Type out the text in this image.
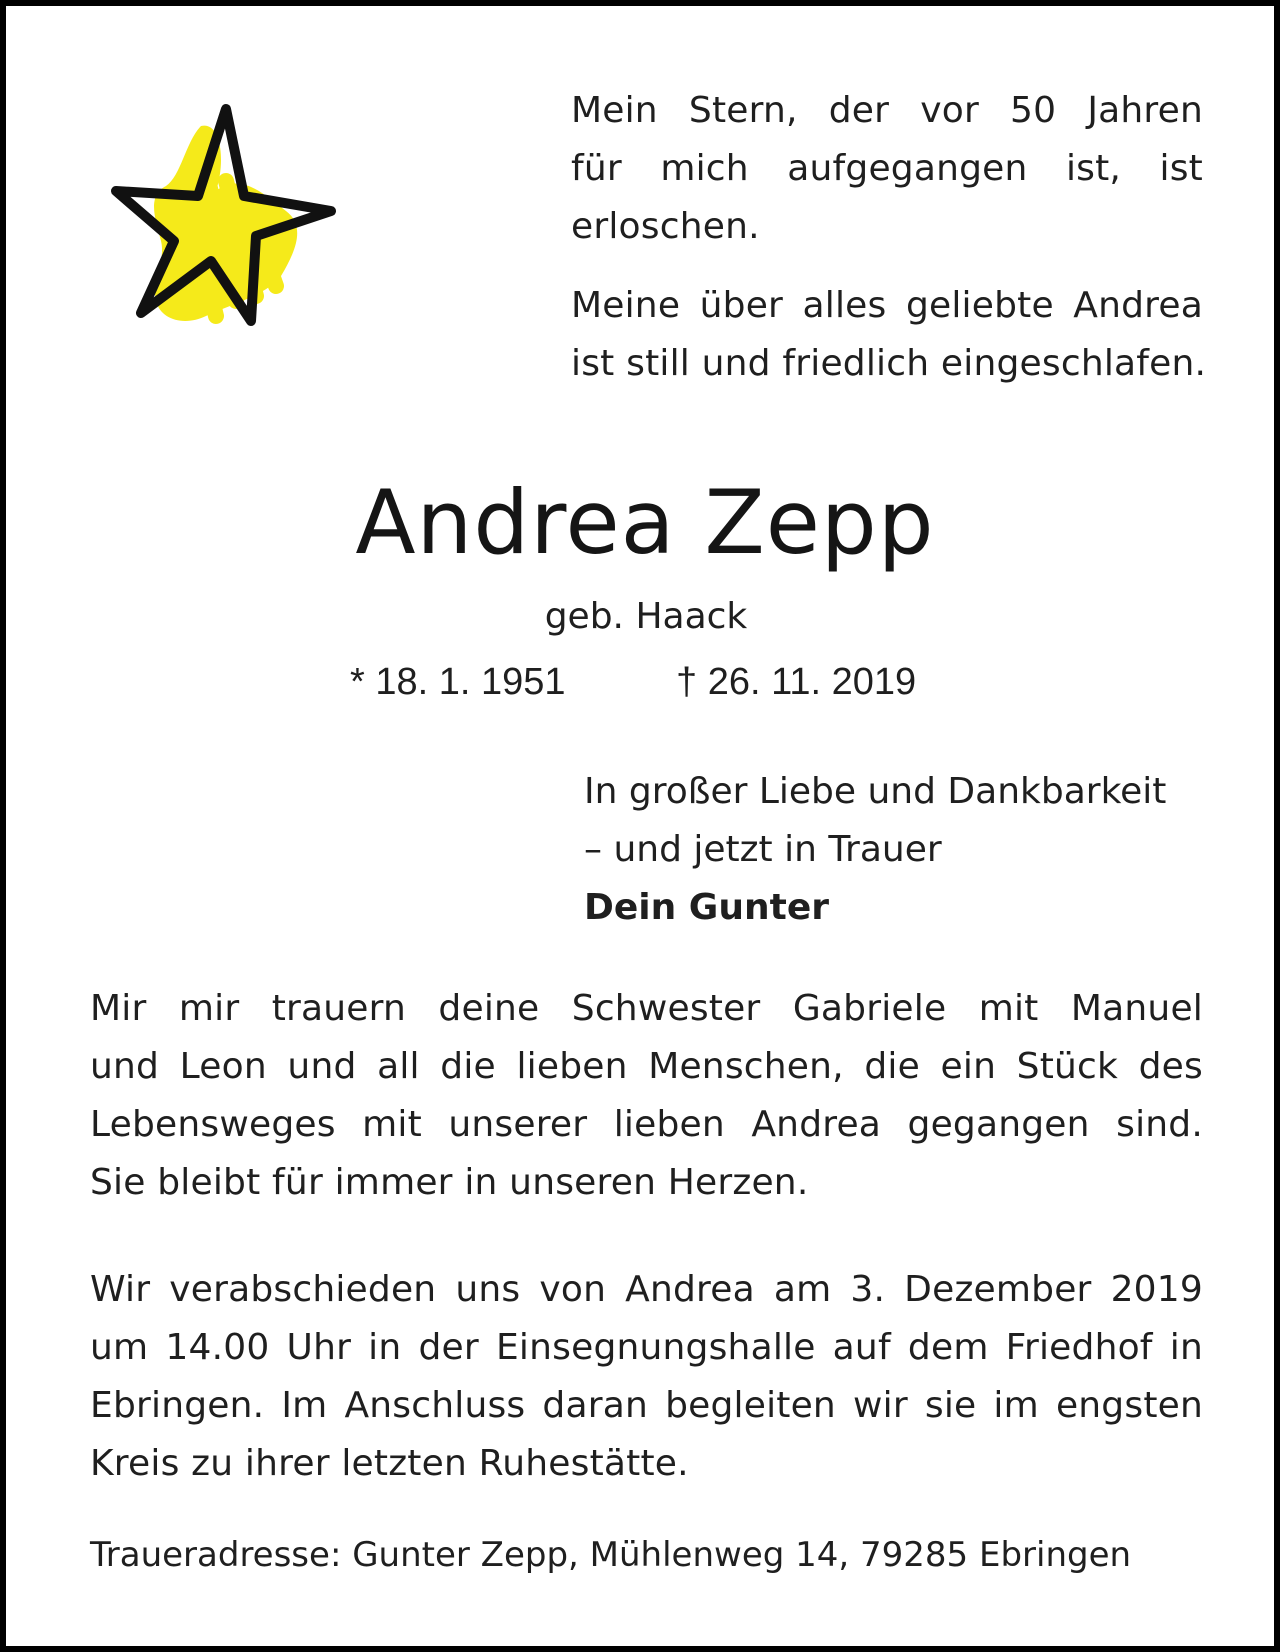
Mein Stern, der vor 50 Jahren
für mich aufgegangen ist, ist
erloschen.
Meine über alles geliebte Andrea
ist still und friedlich eingeschlafen.
Andrea Zepp
geb. Haack
* 18. 1. 1951	† 26. 11. 2019
In großer Liebe und Dankbarkeit
– und jetzt in Trauer
Dein Gunter
Mir mir trauern deine Schwester Gabriele mit Manuel
und Leon und all die lieben Menschen, die ein Stück des
Lebensweges mit unserer lieben Andrea gegangen sind.
Sie bleibt für immer in unseren Herzen.
Wir verabschieden uns von Andrea am 3. Dezember 2019
um 14.00 Uhr in der Einsegnungshalle auf dem Friedhof in
Ebringen. Im Anschluss daran begleiten wir sie im engsten
Kreis zu ihrer letzten Ruhestätte.
Traueradresse: Gunter Zepp, Mühlenweg 14, 79285 Ebringen
